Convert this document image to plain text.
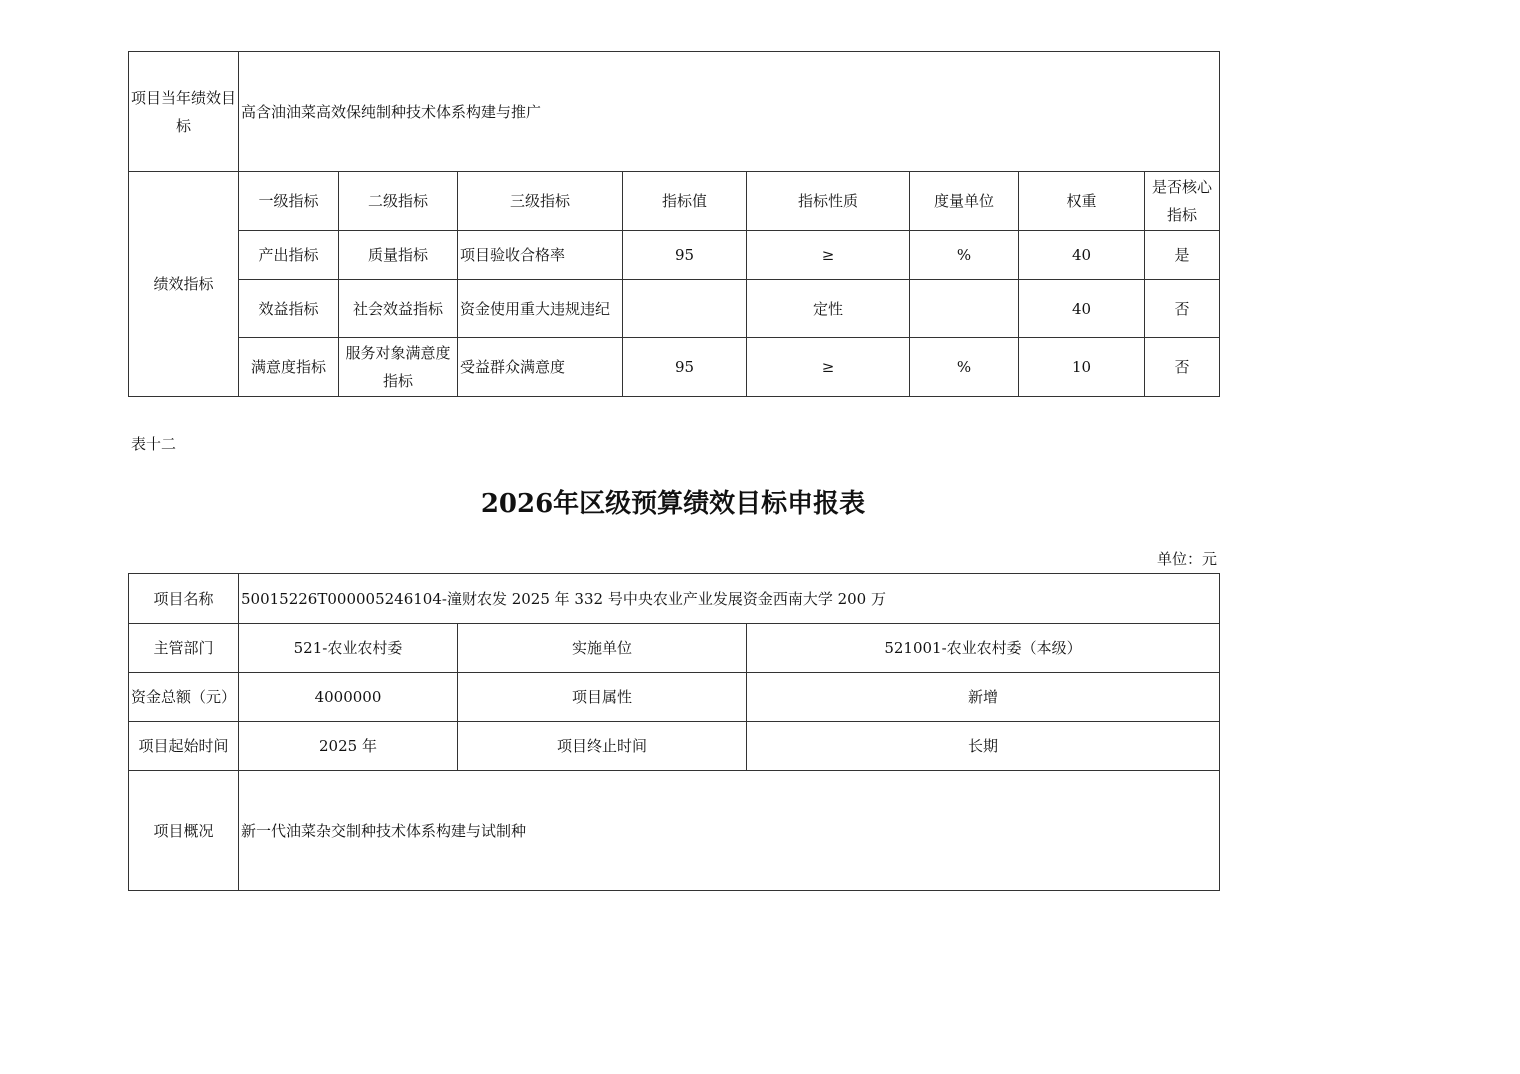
项目当年绩效目标	高含油油菜高效保纯制种技术体系构建与推广							
绩效指标	一级指标	二级指标	三级指标	指标值	指标性质	度量单位	权重	是否核心指标
	产出指标	质量指标	项目验收合格率	95	≥	%	40	是
	效益指标	社会效益指标	资金使用重大违规违纪		定性		40	否
	满意度指标	服务对象满意度指标	受益群众满意度	95	≥	%	10	否
表十二
2026年区级预算绩效目标申报表
单位：元
项目名称	50015226T000005246104-潼财农发 2025 年 332 号中央农业产业发展资金西南大学 200 万		
主管部门	521-农业农村委	实施单位	521001-农业农村委（本级）
资金总额（元）	4000000	项目属性	新增
项目起始时间	2025 年	项目终止时间	长期
项目概况	新一代油菜杂交制种技术体系构建与试制种		
